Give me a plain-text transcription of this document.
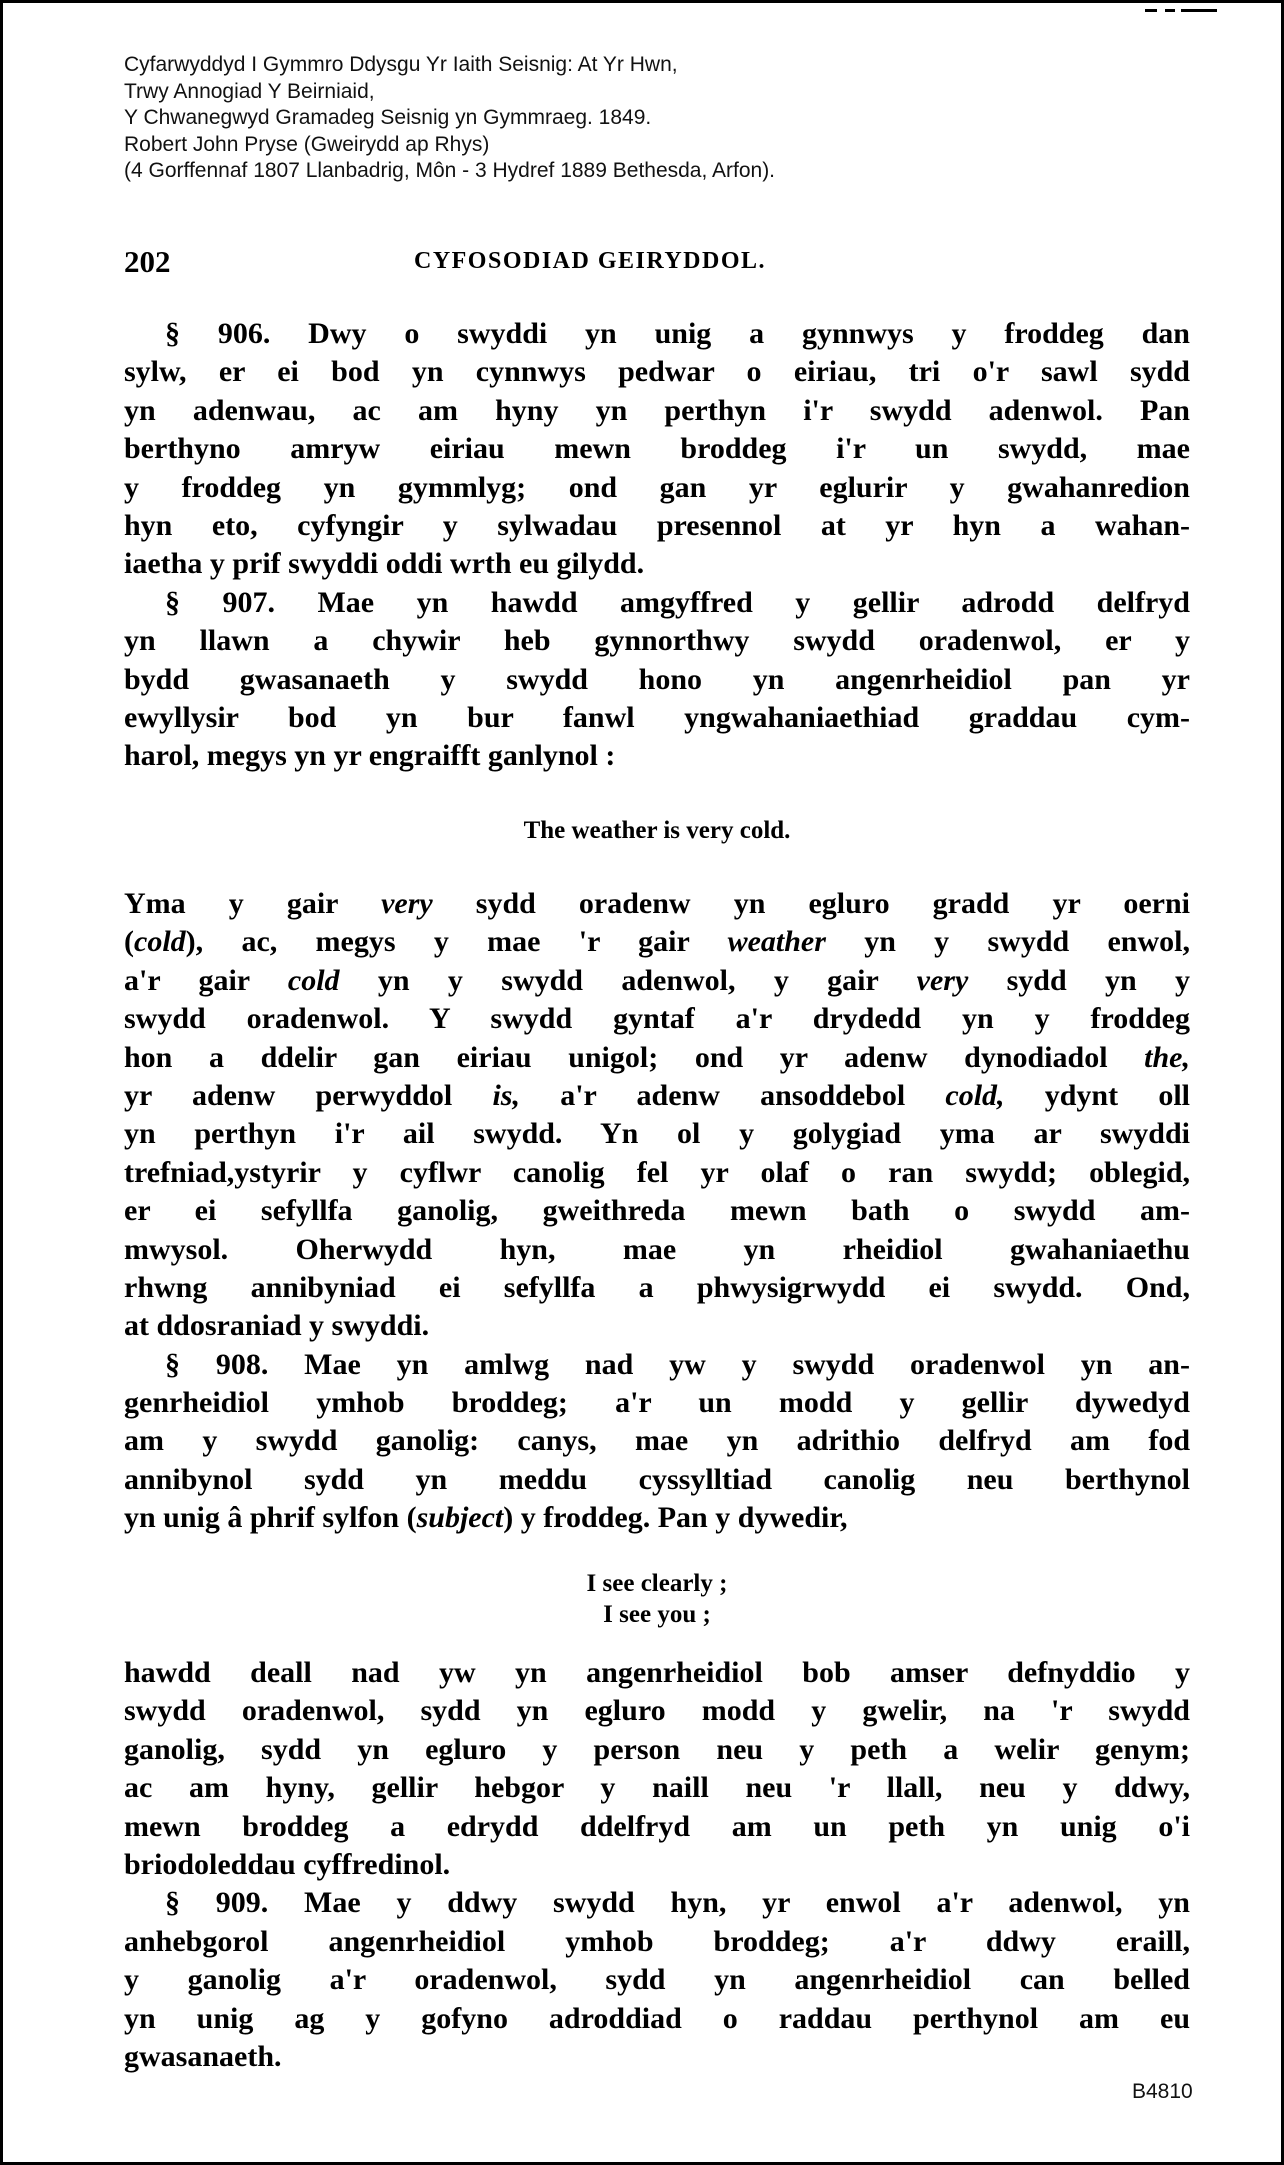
Cyfarwyddyd I Gymmro Ddysgu Yr Iaith Seisnig: At Yr Hwn,
Trwy Annogiad Y Beirniaid,
Y Chwanegwyd Gramadeg Seisnig yn Gymmraeg. 1849.
Robert John Pryse (Gweirydd ap Rhys)
(4 Gorffennaf 1807 Llanbadrig, Môn - 3 Hydref 1889 Bethesda, Arfon).
202	CYFOSODIAD GEIRYDDOL.
§ 906. Dwy o swyddi yn unig a gynnwys y froddeg dan
sylw, er ei bod yn cynnwys pedwar o eiriau, tri o'r sawl sydd
yn adenwau, ac am hyny yn perthyn i'r swydd adenwol. Pan
berthyno amryw eiriau mewn broddeg i'r un swydd, mae
y froddeg yn gymmlyg; ond gan yr eglurir y gwahanredion
hyn eto, cyfyngir y sylwadau presennol at yr hyn a wahan-
iaetha y prif swyddi oddi wrth eu gilydd.
§ 907. Mae yn hawdd amgyffred y gellir adrodd delfryd
yn llawn a chywir heb gynnorthwy swydd oradenwol, er y
bydd gwasanaeth y swydd hono yn angenrheidiol pan yr
ewyllysir bod yn bur fanwl yngwahaniaethiad graddau cym-
harol, megys yn yr engraifft ganlynol :
The weather is very cold.
Yma y gair very sydd oradenw yn egluro gradd yr oerni
(cold), ac, megys y mae 'r gair weather yn y swydd enwol,
a'r gair cold yn y swydd adenwol, y gair very sydd yn y
swydd oradenwol. Y swydd gyntaf a'r drydedd yn y froddeg
hon a ddelir gan eiriau unigol; ond yr adenw dynodiadol the,
yr adenw perwyddol is, a'r adenw ansoddebol cold, ydynt oll
yn perthyn i'r ail swydd. Yn ol y golygiad yma ar swyddi
trefniad,ystyrir y cyflwr canolig fel yr olaf o ran swydd; oblegid,
er ei sefyllfa ganolig, gweithreda mewn bath o swydd am-
mwysol. Oherwydd hyn, mae yn rheidiol gwahaniaethu
rhwng annibyniad ei sefyllfa a phwysigrwydd ei swydd. Ond,
at ddosraniad y swyddi.
§ 908. Mae yn amlwg nad yw y swydd oradenwol yn an-
genrheidiol ymhob broddeg; a'r un modd y gellir dywedyd
am y swydd ganolig: canys, mae yn adrithio delfryd am fod
annibynol sydd yn meddu cyssylltiad canolig neu berthynol
yn unig â phrif sylfon (subject) y froddeg. Pan y dywedir,
I see clearly ;
I see you ;
hawdd deall nad yw yn angenrheidiol bob amser defnyddio y
swydd oradenwol, sydd yn egluro modd y gwelir, na 'r swydd
ganolig, sydd yn egluro y person neu y peth a welir genym;
ac am hyny, gellir hebgor y naill neu 'r llall, neu y ddwy,
mewn broddeg a edrydd ddelfryd am un peth yn unig o'i
briodoleddau cyffredinol.
§ 909. Mae y ddwy swydd hyn, yr enwol a'r adenwol, yn
anhebgorol angenrheidiol ymhob broddeg; a'r ddwy eraill,
y ganolig a'r oradenwol, sydd yn angenrheidiol can belled
yn unig ag y gofyno adroddiad o raddau perthynol am eu
gwasanaeth.
B4810
